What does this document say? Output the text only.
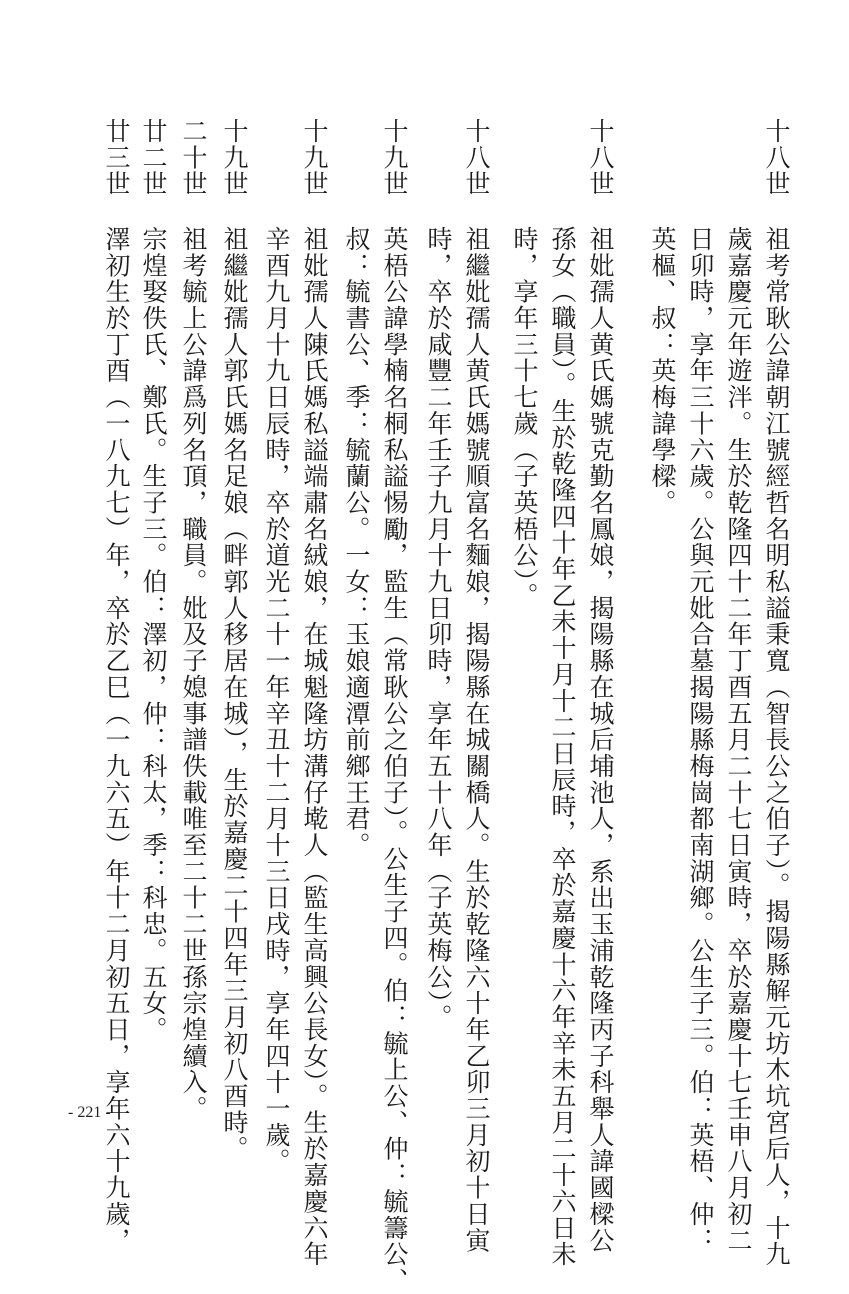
十八世
祖考常耿公諱朝江號經哲名明私謚秉寬（智長公之伯子）。揭陽縣解元坊木坑宮后人，十九
歲嘉慶元年遊泮。生於乾隆四十二年丁酉五月二十七日寅時，卒於嘉慶十七壬申八月初二
日卯時，享年三十六歲。公與元妣合墓揭陽縣梅崗都南湖鄉。公生子三。伯：英梧、仲：
英樞、叔：英梅諱學樑。
十八世
祖妣孺人黄氏媽號克勤名鳳娘，揭陽縣在城后埔池人，系出玉浦乾隆丙子科舉人諱國樑公
孫女（職員）。生於乾隆四十年乙未十月十二日辰時，卒於嘉慶十六年辛未五月二十六日未
時，享年三十七歲（子英梧公）。
十八世
祖繼妣孺人黄氏媽號順富名麵娘，揭陽縣在城關橋人。生於乾隆六十年乙卯三月初十日寅
時，卒於咸豐二年壬子九月十九日卯時，享年五十八年（子英梅公）。
十九世
英梧公諱學楠名桐私謚惕勵，監生（常耿公之伯子）。公生子四。伯：毓上公、仲：毓籌公、
叔：毓書公、季：毓蘭公。一女：玉娘適潭前鄉王君。
十九世
祖妣孺人陳氏媽私謚端肅名絨娘，在城魁隆坊溝仔墘人（監生高興公長女）。生於嘉慶六年
辛酉九月十九日辰時，卒於道光二十一年辛丑十二月十三日戌時，享年四十一歲。
十九世
祖繼妣孺人郭氏媽名足娘（畔郭人移居在城），生於嘉慶二十四年三月初八酉時。
二十世
祖考毓上公諱爲列名頂，職員。妣及子媳事譜佚載唯至二十二世孫宗煌續入。
廿二世
宗煌娶佚氏、鄭氏。生子三。伯：澤初，仲：科太，季：科忠。五女。
廿三世
澤初生於丁酉（一八九七）年，卒於乙巳（一九六五）年十二月初五日，享年六十九歲，
- 221 -
